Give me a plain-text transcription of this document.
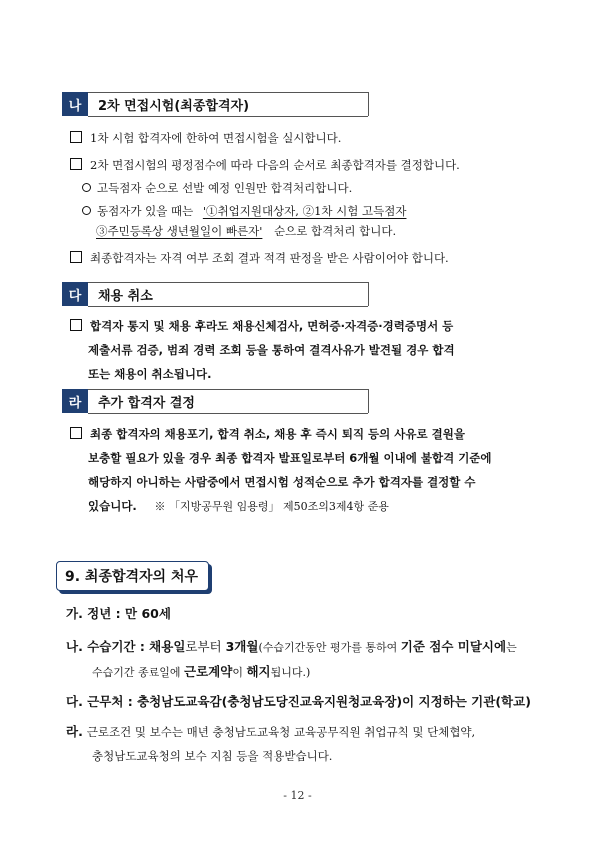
나	2차 면접시험(최종합격자)
1차 시험 합격자에 한하여 면접시험을 실시합니다.
2차 면접시험의 평정점수에 따라 다음의 순서로 최종합격자를 결정합니다.
고득점자 순으로 선발 예정 인원만 합격처리합니다.
동점자가 있을 때는 '①취업지원대상자, ②1차 시험 고득점자
③주민등록상 생년월일이 빠른자' 순으로 합격처리 합니다.
최종합격자는 자격 여부 조회 결과 적격 판정을 받은 사람이어야 합니다.
다	채용 취소
합격자 통지 및 채용 후라도 채용신체검사, 면허증·자격증·경력증명서 등
제출서류 검증, 범죄 경력 조회 등을 통하여 결격사유가 발견될 경우 합격
또는 채용이 취소됩니다.
라	추가 합격자 결정
최종 합격자의 채용포기, 합격 취소, 채용 후 즉시 퇴직 등의 사유로 결원을
보충할 필요가 있을 경우 최종 합격자 발표일로부터 6개월 이내에 불합격 기준에
해당하지 아니하는 사람중에서 면접시험 성적순으로 추가 합격자를 결정할 수
있습니다. ※ 「지방공무원 임용령」 제50조의3제4항 준용
9. 최종합격자의 처우
가. 정년 : 만 60세
나. 수습기간 : 채용일로부터 3개월(수습기간동안 평가를 통하여 기준 점수 미달시에는
수습기간 종료일에 근로계약이 해지됩니다.)
다. 근무처 : 충청남도교육감(충청남도당진교육지원청교육장)이 지정하는 기관(학교)
라. 근로조건 및 보수는 매년 충청남도교육청 교육공무직원 취업규칙 및 단체협약,
충청남도교육청의 보수 지침 등을 적용받습니다.
- 12 -
